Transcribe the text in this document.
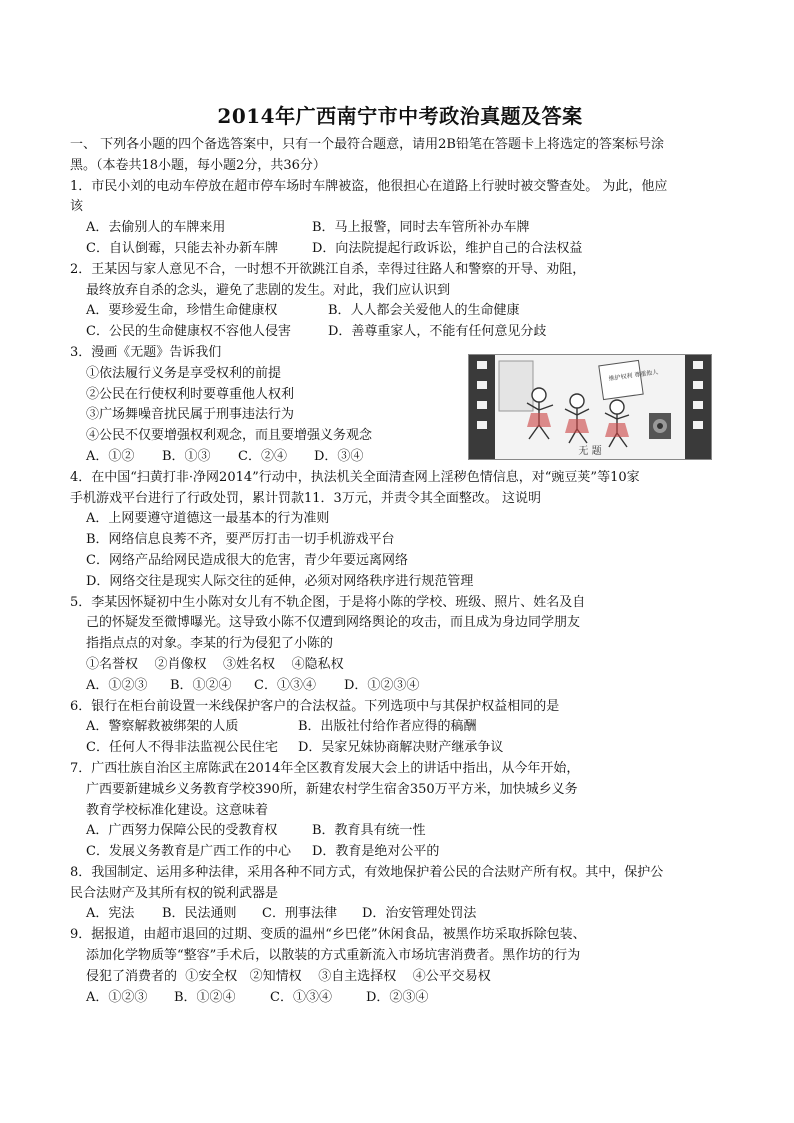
2014年广西南宁市中考政治真题及答案
一、 下列各小题的四个备选答案中，只有一个最符合题意，请用2B铅笔在答题卡上将选定的答案标号涂
黑。（本卷共18小题，每小题2分，共36分）
1．市民小刘的电动车停放在超市停车场时车牌被盗，他很担心在道路上行驶时被交警查处。 为此，他应
该
A．去偷别人的车牌来用	B．马上报警，同时去车管所补办车牌
C．自认倒霉，只能去补办新车牌	D．向法院提起行政诉讼，维护自己的合法权益
2．王某因与家人意见不合，一时想不开欲跳江自杀，幸得过往路人和警察的开导、劝阻，
最终放弃自杀的念头，避免了悲剧的发生。对此，我们应认识到
A．要珍爱生命，珍惜生命健康权	B．人人都会关爱他人的生命健康
C．公民的生命健康权不容他人侵害	D．善尊重家人，不能有任何意见分歧
3．漫画《无题》告诉我们
①依法履行义务是享受权利的前提
②公民在行使权利时要尊重他人权利
③广场舞噪音扰民属于刑事违法行为
④公民不仅要增强权利观念，而且要增强义务观念
A．①② B．①③ C．②④ D．③④
4．在中国“扫黄打非·净网2014”行动中，执法机关全面清查网上淫秽色情信息，对“豌豆荚”等10家
手机游戏平台进行了行政处罚，累计罚款11．3万元，并责令其全面整改。 这说明
A．上网要遵守道德这一最基本的行为准则
B．网络信息良莠不齐，要严厉打击一切手机游戏平台
C．网络产品给网民造成很大的危害，青少年要远离网络
D．网络交往是现实人际交往的延伸，必须对网络秩序进行规范管理
5．李某因怀疑初中生小陈对女儿有不轨企图，于是将小陈的学校、班级、照片、姓名及自
己的怀疑发至微博曝光。这导致小陈不仅遭到网络舆论的攻击，而且成为身边同学朋友
指指点点的对象。李某的行为侵犯了小陈的
①名誉权    ②肖像权    ③姓名权    ④隐私权
A．①②③ B．①②④ C．①③④ D．①②③④
6．银行在柜台前设置一米线保护客户的合法权益。下列选项中与其保护权益相同的是
A．警察解救被绑架的人质	B．出版社付给作者应得的稿酬
C．任何人不得非法监视公民住宅 D．吴家兄妹协商解决财产继承争议
7．广西壮族自治区主席陈武在2014年全区教育发展大会上的讲话中指出，从今年开始，
广西要新建城乡义务教育学校390所，新建农村学生宿舍350万平方米，加快城乡义务
教育学校标准化建设。这意味着
A．广西努力保障公民的受教育权	B．教育具有统一性
C．发展义务教育是广西工作的中心 D．教育是绝对公平的
8．我国制定、运用多种法律，采用各种不同方式，有效地保护着公民的合法财产所有权。其中，保护公
民合法财产及其所有权的锐利武器是
A．宪法 B．民法通则 C．刑事法律 D．治安管理处罚法
9．据报道，由超市退回的过期、变质的温州“乡巴佬”休闲食品，被黑作坊采取拆除包装、
添加化学物质等“整容”手术后，以散装的方式重新流入市场坑害消费者。黑作坊的行为
侵犯了消费者的  ①安全权   ②知情权    ③自主选择权    ④公平交易权
A．①②③ B．①②④	C．①③④	D．②③④
维护权利 尊重他人
无 题
